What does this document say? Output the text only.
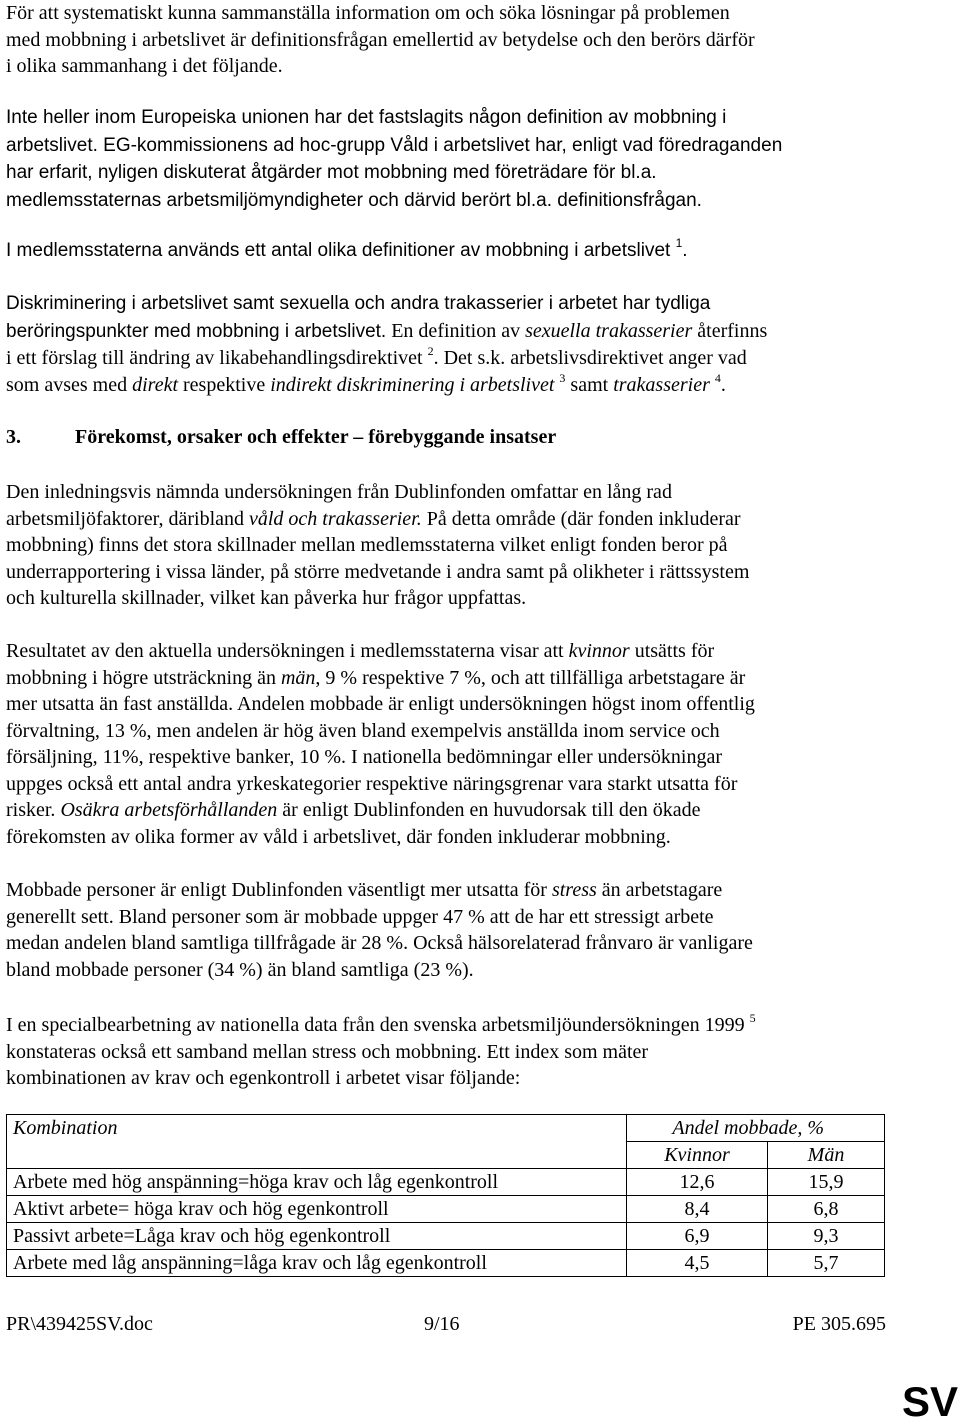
För att systematiskt kunna sammanställa information om och söka lösningar på problemen
med mobbning i arbetslivet är definitionsfrågan emellertid av betydelse och den berörs därför
i olika sammanhang i det följande.

Inte heller inom Europeiska unionen har det fastslagits någon definition av mobbning i
arbetslivet. EG-kommissionens ad hoc-grupp Våld i arbetslivet har, enligt vad föredraganden
har erfarit, nyligen diskuterat åtgärder mot mobbning med företrädare för bl.a.
medlemsstaternas arbetsmiljömyndigheter och därvid berört bl.a. definitionsfrågan.

I medlemsstaterna används ett antal olika definitioner av mobbning i arbetslivet $^1$.

Diskriminering i arbetslivet samt sexuella och andra trakasserier i arbetet har tydliga
beröringspunkter med mobbning i arbetslivet. En definition av sexuella trakasserier återfinns
i ett förslag till ändring av likabehandlingsdirektivet $^2$. Det s.k. arbetslivsdirektivet anger vad
som avses med direkt respektive indirekt diskriminering i arbetslivet $^3$ samt trakasserier $^4$.

3.	Förekomst, orsaker och effekter – förebyggande insatser

Den inledningsvis nämnda undersökningen från Dublinfonden omfattar en lång rad
arbetsmiljöfaktorer, däribland våld och trakasserier. På detta område (där fonden inkluderar
mobbning) finns det stora skillnader mellan medlemsstaterna vilket enligt fonden beror på
underrapportering i vissa länder, på större medvetande i andra samt på olikheter i rättssystem
och kulturella skillnader, vilket kan påverka hur frågor uppfattas.

Resultatet av den aktuella undersökningen i medlemsstaterna visar att kvinnor utsätts för
mobbning i högre utsträckning än män, 9 % respektive 7 %, och att tillfälliga arbetstagare är
mer utsatta än fast anställda. Andelen mobbade är enligt undersökningen högst inom offentlig
förvaltning, 13 %, men andelen är hög även bland exempelvis anställda inom service och
försäljning, 11%, respektive banker, 10 %. I nationella bedömningar eller undersökningar
uppges också ett antal andra yrkeskategorier respektive näringsgrenar vara starkt utsatta för
risker. Osäkra arbetsförhållanden är enligt Dublinfonden en huvudorsak till den ökade
förekomsten av olika former av våld i arbetslivet, där fonden inkluderar mobbning.

Mobbade personer är enligt Dublinfonden väsentligt mer utsatta för stress än arbetstagare
generellt sett. Bland personer som är mobbade uppger 47 % att de har ett stressigt arbete
medan andelen bland samtliga tillfrågade är 28 %. Också hälsorelaterad frånvaro är vanligare
bland mobbade personer (34 %) än bland samtliga (23 %).

I en specialbearbetning av nationella data från den svenska arbetsmiljöundersökningen 1999 $^5$
konstateras också ett samband mellan stress och mobbning. Ett index som mäter
kombinationen av krav och egenkontroll i arbetet visar följande:

Kombination	Andel mobbade, %	
	Kvinnor	Män
Arbete med hög anspänning=höga krav och låg egenkontroll	12,6	15,9
Aktivt arbete= höga krav och hög egenkontroll	8,4	6,8
Passivt arbete=Låga krav och hög egenkontroll	6,9	9,3
Arbete med låg anspänning=låga krav och låg egenkontroll	4,5	5,7
PR\439425SV.doc	9/16	PE 305.695
SV
